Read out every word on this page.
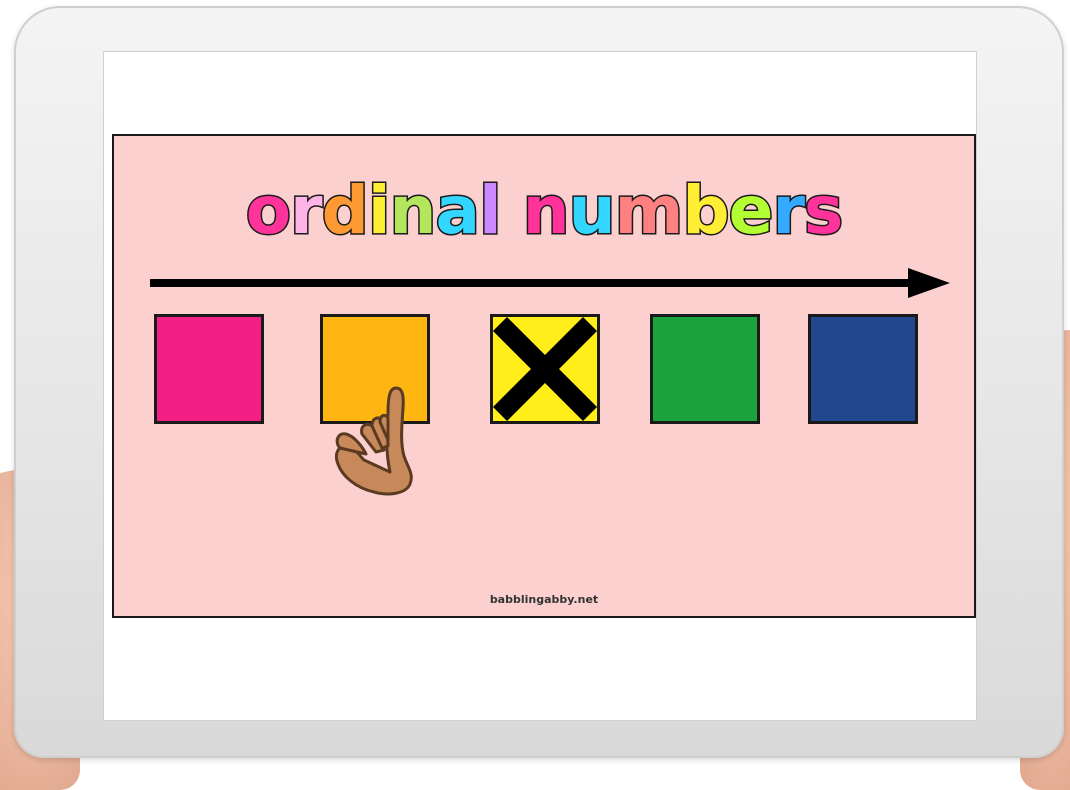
ordinal numbers
babblingabby.net
